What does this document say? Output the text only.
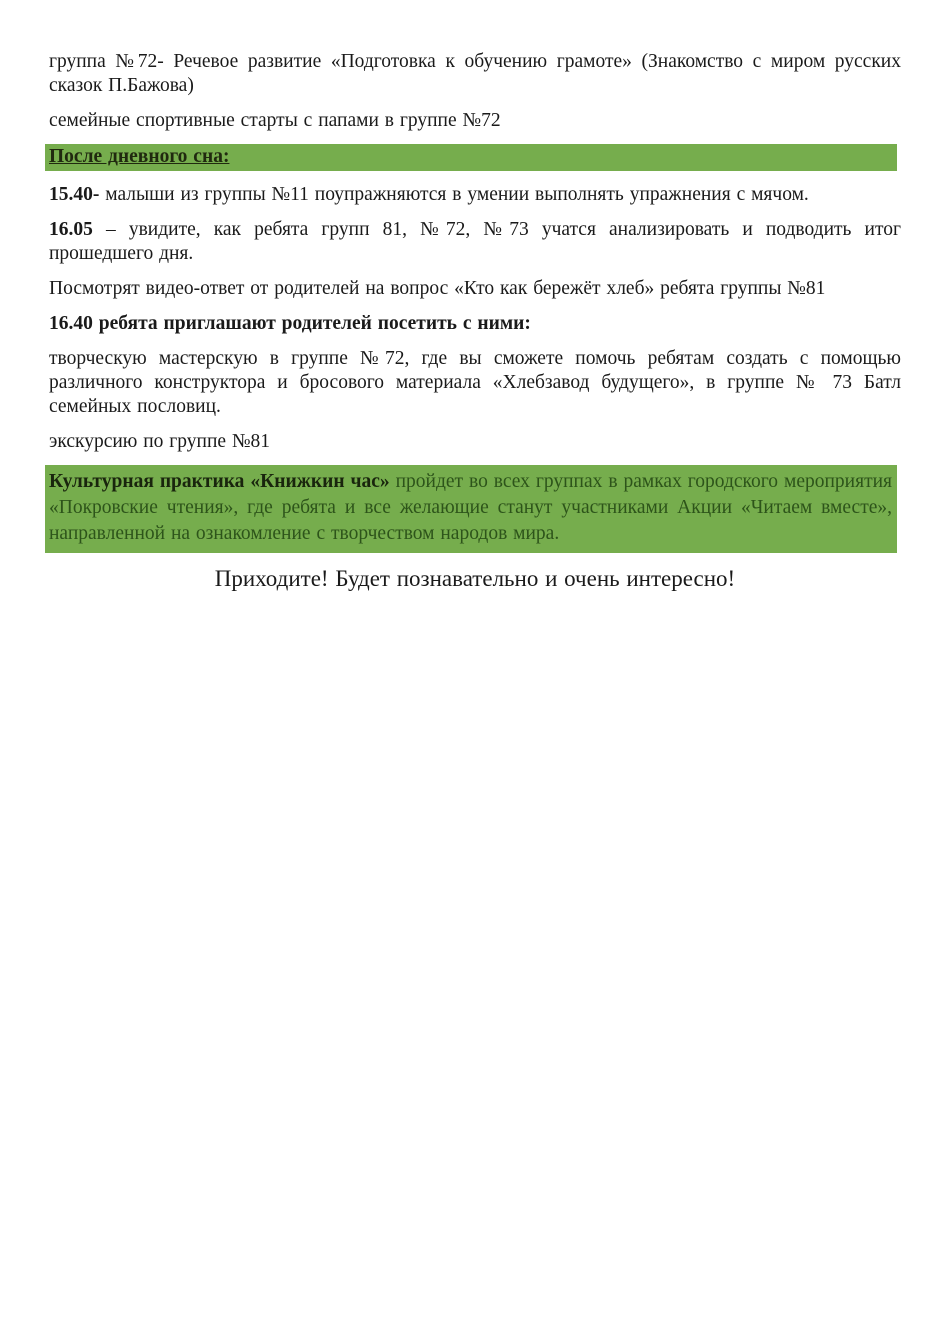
группа №72- Речевое развитие «Подготовка к обучению грамоте» (Знакомство с миром русских сказок П.Бажова)

семейные спортивные старты с папами в группе №72

После дневного сна:

15.40- малыши из группы №11 поупражняются в умении выполнять упражнения с мячом.

16.05 – увидите, как ребята групп 81, №72, №73 учатся анализировать и подводить итог прошедшего дня.

Посмотрят видео-ответ от родителей на вопрос «Кто как бережёт хлеб» ребята группы №81

16.40 ребята приглашают родителей посетить с ними:

творческую мастерскую в группе №72, где вы сможете помочь ребятам создать с помощью различного конструктора и бросового материала «Хлебзавод будущего», в группе № 73 Батл семейных пословиц.

экскурсию по группе №81

Культурная практика «Книжкин час» пройдет во всех группах в рамках городского мероприятия «Покровские чтения», где ребята и все желающие станут участниками Акции «Читаем вместе», направленной на ознакомление с творчеством народов мира.

Приходите! Будет познавательно и очень интересно!
